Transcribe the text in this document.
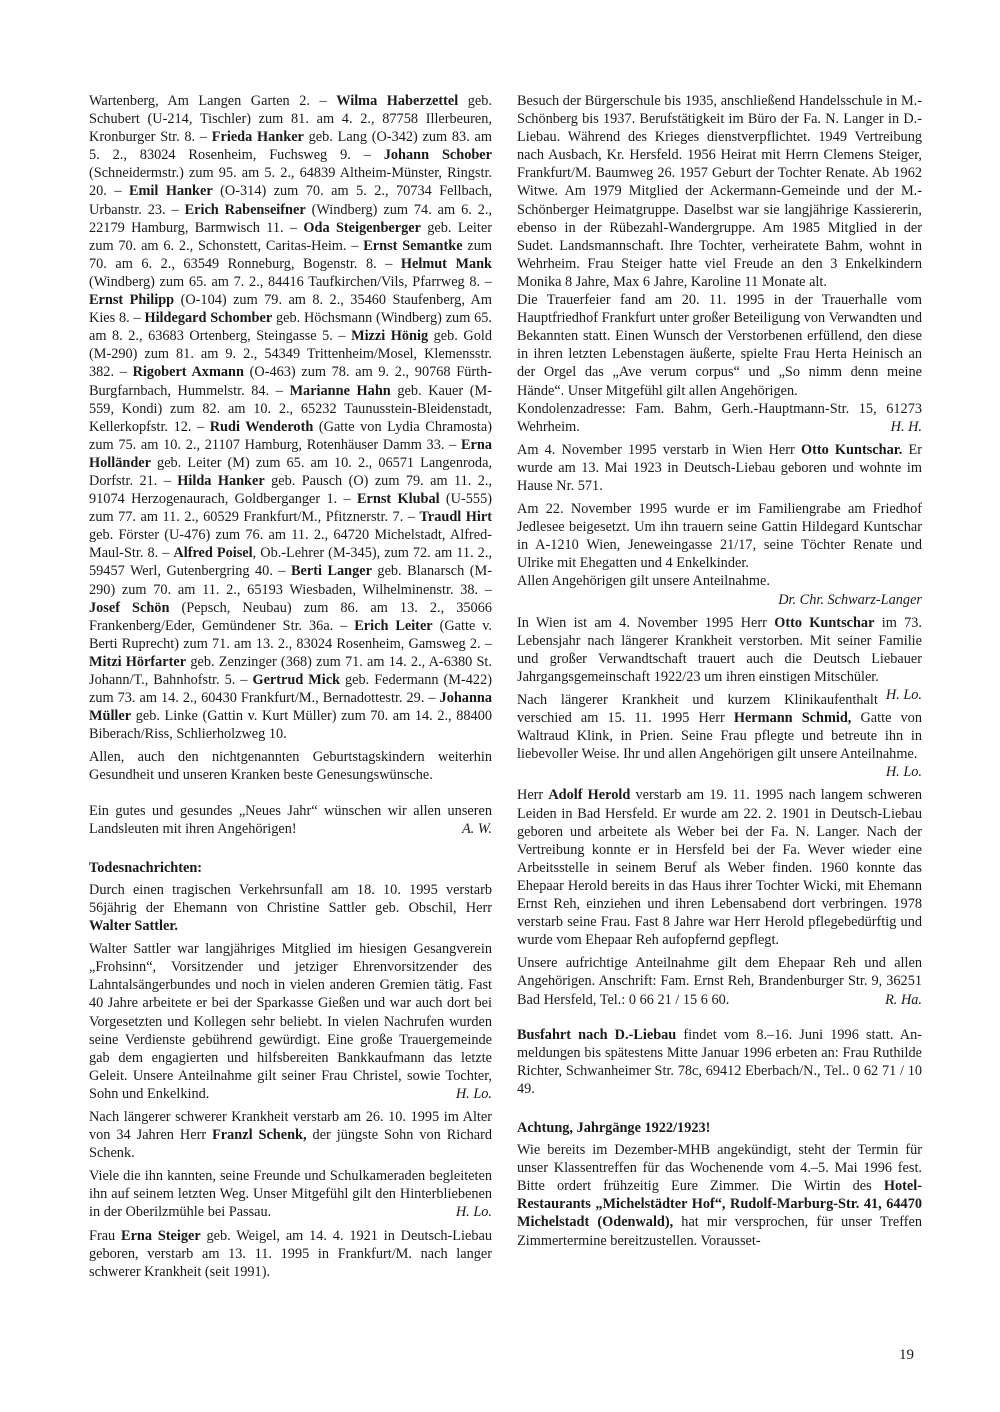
Wartenberg, Am Langen Garten 2. – Wilma Haberzettel geb. Schubert (U-214, Tischler) zum 81. am 4. 2., 87758 Illerbeuren, Kronburger Str. 8. – Frieda Hanker geb. Lang (O-342) zum 83. am 5. 2., 83024 Rosenheim, Fuchsweg 9. – Johann Schober (Schneidermstr.) zum 95. am 5. 2., 64839 Altheim-Münster, Ringstr. 20. – Emil Hanker (O-314) zum 70. am 5. 2., 70734 Fellbach, Urbanstr. 23. – Erich Rabenseifner (Windberg) zum 74. am 6. 2., 22179 Hamburg, Barmwisch 11. – Oda Steigenberger geb. Leiter zum 70. am 6. 2., Schonstett, Caritas-Heim. – Ernst Semantke zum 70. am 6. 2., 63549 Ronneburg, Bogenstr. 8. – Helmut Mank (Windberg) zum 65. am 7. 2., 84416 Taufkirchen/Vils, Pfarrweg 8. – Ernst Philipp (O-104) zum 79. am 8. 2., 35460 Staufenberg, Am Kies 8. – Hildegard Schomber geb. Höchsmann (Windberg) zum 65. am 8. 2., 63683 Ortenberg, Steingasse 5. – Mizzi Hönig geb. Gold (M-290) zum 81. am 9. 2., 54349 Trittenheim/Mosel, Klemensstr. 382. – Rigobert Axmann (O-463) zum 78. am 9. 2., 90768 Fürth-Burgfarnbach, Hummelstr. 84. – Marianne Hahn geb. Kauer (M-559, Kondi) zum 82. am 10. 2., 65232 Taunusstein-Bleidenstadt, Kellerkopfstr. 12. – Rudi Wenderoth (Gatte von Lydia Chramosta) zum 75. am 10. 2., 21107 Hamburg, Rotenhäuser Damm 33. – Erna Holländer geb. Leiter (M) zum 65. am 10. 2., 06571 Langenroda, Dorfstr. 21. – Hilda Hanker geb. Pausch (O) zum 79. am 11. 2., 91074 Herzogenaurach, Goldberganger 1. – Ernst Klubal (U-555) zum 77. am 11. 2., 60529 Frankfurt/M., Pfitznerstr. 7. – Traudl Hirt geb. Förster (U-476) zum 76. am 11. 2., 64720 Michelstadt, Alfred-Maul-Str. 8. – Alfred Poisel, Ob.-Lehrer (M-345), zum 72. am 11. 2., 59457 Werl, Gutenbergring 40. – Berti Langer geb. Blanarsch (M-290) zum 70. am 11. 2., 65193 Wiesbaden, Wilhelminenstr. 38. – Josef Schön (Pepsch, Neubau) zum 86. am 13. 2., 35066 Frankenberg/Eder, Gemündener Str. 36a. – Erich Leiter (Gatte v. Berti Ruprecht) zum 71. am 13. 2., 83024 Rosenheim, Gamsweg 2. – Mitzi Hörfarter geb. Zenzinger (368) zum 71. am 14. 2., A-6380 St. Johann/T., Bahnhofstr. 5. – Gertrud Mick geb. Federmann (M-422) zum 73. am 14. 2., 60430 Frankfurt/M., Bernadottestr. 29. – Johanna Müller geb. Linke (Gattin v. Kurt Müller) zum 70. am 14. 2., 88400 Biberach/Riss, Schlierholzweg 10.

Allen, auch den nichtgenannten Geburtstagskindern weiterhin Gesundheit und unseren Kranken beste Genesungswünsche.

Ein gutes und gesundes „Neues Jahr“ wünschen wir allen unseren Landsleuten mit ihren Angehörigen!	A. W.

Todesnachrichten:

Durch einen tragischen Verkehrsunfall am 18. 10. 1995 verstarb 56jährig der Ehemann von Christine Sattler geb. Obschil, Herr Walter Sattler.

Walter Sattler war langjähriges Mitglied im hiesigen Gesangverein „Frohsinn“, Vorsitzender und jetziger Ehrenvorsitzender des Lahntalsängerbundes und noch in vielen anderen Gremien tätig. Fast 40 Jahre arbeitete er bei der Sparkasse Gießen und war auch dort bei Vorgesetzten und Kollegen sehr beliebt. In vielen Nachrufen wurden seine Verdienste gebührend gewürdigt. Eine große Trauergemeinde gab dem engagierten und hilfsbereiten Bankkaufmann das letzte Geleit. Unsere Anteilnahme gilt seiner Frau Christel, sowie Tochter, Sohn und Enkelkind.	H. Lo.

Nach längerer schwerer Krankheit verstarb am 26. 10. 1995 im Alter von 34 Jahren Herr Franzl Schenk, der jüngste Sohn von Richard Schenk.

Viele die ihn kannten, seine Freunde und Schulkameraden begleiteten ihn auf seinem letzten Weg. Unser Mitgefühl gilt den Hinterbliebenen in der Oberilzmühle bei Passau.	H. Lo.

Frau Erna Steiger geb. Weigel, am 14. 4. 1921 in Deutsch-Liebau geboren, verstarb am 13. 11. 1995 in Frankfurt/M. nach langer schwerer Krankheit (seit 1991).

Besuch der Bürgerschule bis 1935, anschließend Handelsschule in M.-Schönberg bis 1937. Berufstätigkeit im Büro der Fa. N. Langer in D.-Liebau. Während des Krieges dienstverpflichtet. 1949 Vertreibung nach Ausbach, Kr. Hersfeld. 1956 Heirat mit Herrn Clemens Steiger, Frankfurt/M. Baumweg 26. 1957 Geburt der Tochter Renate. Ab 1962 Witwe. Am 1979 Mitglied der Ackermann-Gemeinde und der M.-Schönberger Heimatgruppe. Daselbst war sie langjährige Kassiererin, ebenso in der Rübezahl-Wandergruppe. Am 1985 Mitglied in der Sudet. Landsmannschaft. Ihre Tochter, verheiratete Bahm, wohnt in Wehrheim. Frau Steiger hatte viel Freude an den 3 Enkelkindern Monika 8 Jahre, Max 6 Jahre, Karoline 11 Monate alt.

Die Trauerfeier fand am 20. 11. 1995 in der Trauerhalle vom Hauptfriedhof Frankfurt unter großer Beteiligung von Verwandten und Bekannten statt. Einen Wunsch der Verstorbenen erfüllend, den diese in ihren letzten Lebenstagen äußerte, spielte Frau Herta Heinisch an der Orgel das „Ave verum corpus“ und „So nimm denn meine Hände“. Unser Mitgefühl gilt allen Angehörigen.

Kondolenzadresse: Fam. Bahm, Gerh.-Hauptmann-Str. 15, 61273 Wehrheim.	H. H.

Am 4. November 1995 verstarb in Wien Herr Otto Kuntschar. Er wurde am 13. Mai 1923 in Deutsch-Liebau geboren und wohnte im Hause Nr. 571.

Am 22. November 1995 wurde er im Familiengrabe am Friedhof Jedlesee beigesetzt. Um ihn trauern seine Gattin Hildegard Kuntschar in A-1210 Wien, Jeneweingasse 21/17, seine Töchter Renate und Ulrike mit Ehegatten und 4 Enkelkinder.

Allen Angehörigen gilt unsere Anteilnahme.

Dr. Chr. Schwarz-Langer

In Wien ist am 4. November 1995 Herr Otto Kuntschar im 73. Lebensjahr nach längerer Krankheit verstorben. Mit seiner Familie und großer Verwandtschaft trauert auch die Deutsch Liebauer Jahrgangsgemeinschaft 1922/23 um ihren einstigen Mitschüler.
H. Lo.

Nach längerer Krankheit und kurzem Klinikaufenthalt verschied am 15. 11. 1995 Herr Hermann Schmid, Gatte von Waltraud Klink, in Prien. Seine Frau pflegte und betreute ihn in liebevoller Weise. Ihr und allen Angehörigen gilt unsere Anteilnahme.

H. Lo.

Herr Adolf Herold verstarb am 19. 11. 1995 nach langem schweren Leiden in Bad Hersfeld. Er wurde am 22. 2. 1901 in Deutsch-Liebau geboren und arbeitete als Weber bei der Fa. N. Langer. Nach der Vertreibung konnte er in Hersfeld bei der Fa. Wever wieder eine Arbeitsstelle in seinem Beruf als Weber finden. 1960 konnte das Ehepaar Herold bereits in das Haus ihrer Tochter Wicki, mit Ehemann Ernst Reh, einziehen und ihren Lebensabend dort verbringen. 1978 verstarb seine Frau. Fast 8 Jahre war Herr Herold pflegebedürftig und wurde vom Ehepaar Reh aufopfernd gepflegt.

Unsere aufrichtige Anteilnahme gilt dem Ehepaar Reh und allen Angehörigen. Anschrift: Fam. Ernst Reh, Brandenburger Str. 9, 36251 Bad Hersfeld, Tel.: 0 66 21 / 15 6 60.	R. Ha.

Busfahrt nach D.-Liebau findet vom 8.–16. Juni 1996 statt. Anmeldungen bis spätestens Mitte Januar 1996 erbeten an: Frau Ruthilde Richter, Schwanheimer Str. 78c, 69412 Eberbach/N., Tel.. 0 62 71 / 10 49.

Achtung, Jahrgänge 1922/1923!

Wie bereits im Dezember-MHB angekündigt, steht der Termin für unser Klassentreffen für das Wochenende vom 4.–5. Mai 1996 fest. Bitte ordert frühzeitig Eure Zimmer. Die Wirtin des Hotel-Restaurants „Michelstädter Hof“, Rudolf-Marburg-Str. 41, 64470 Michelstadt (Odenwald), hat mir versprochen, für unser Treffen Zimmertermine bereitzustellen. Vorausset-

19
